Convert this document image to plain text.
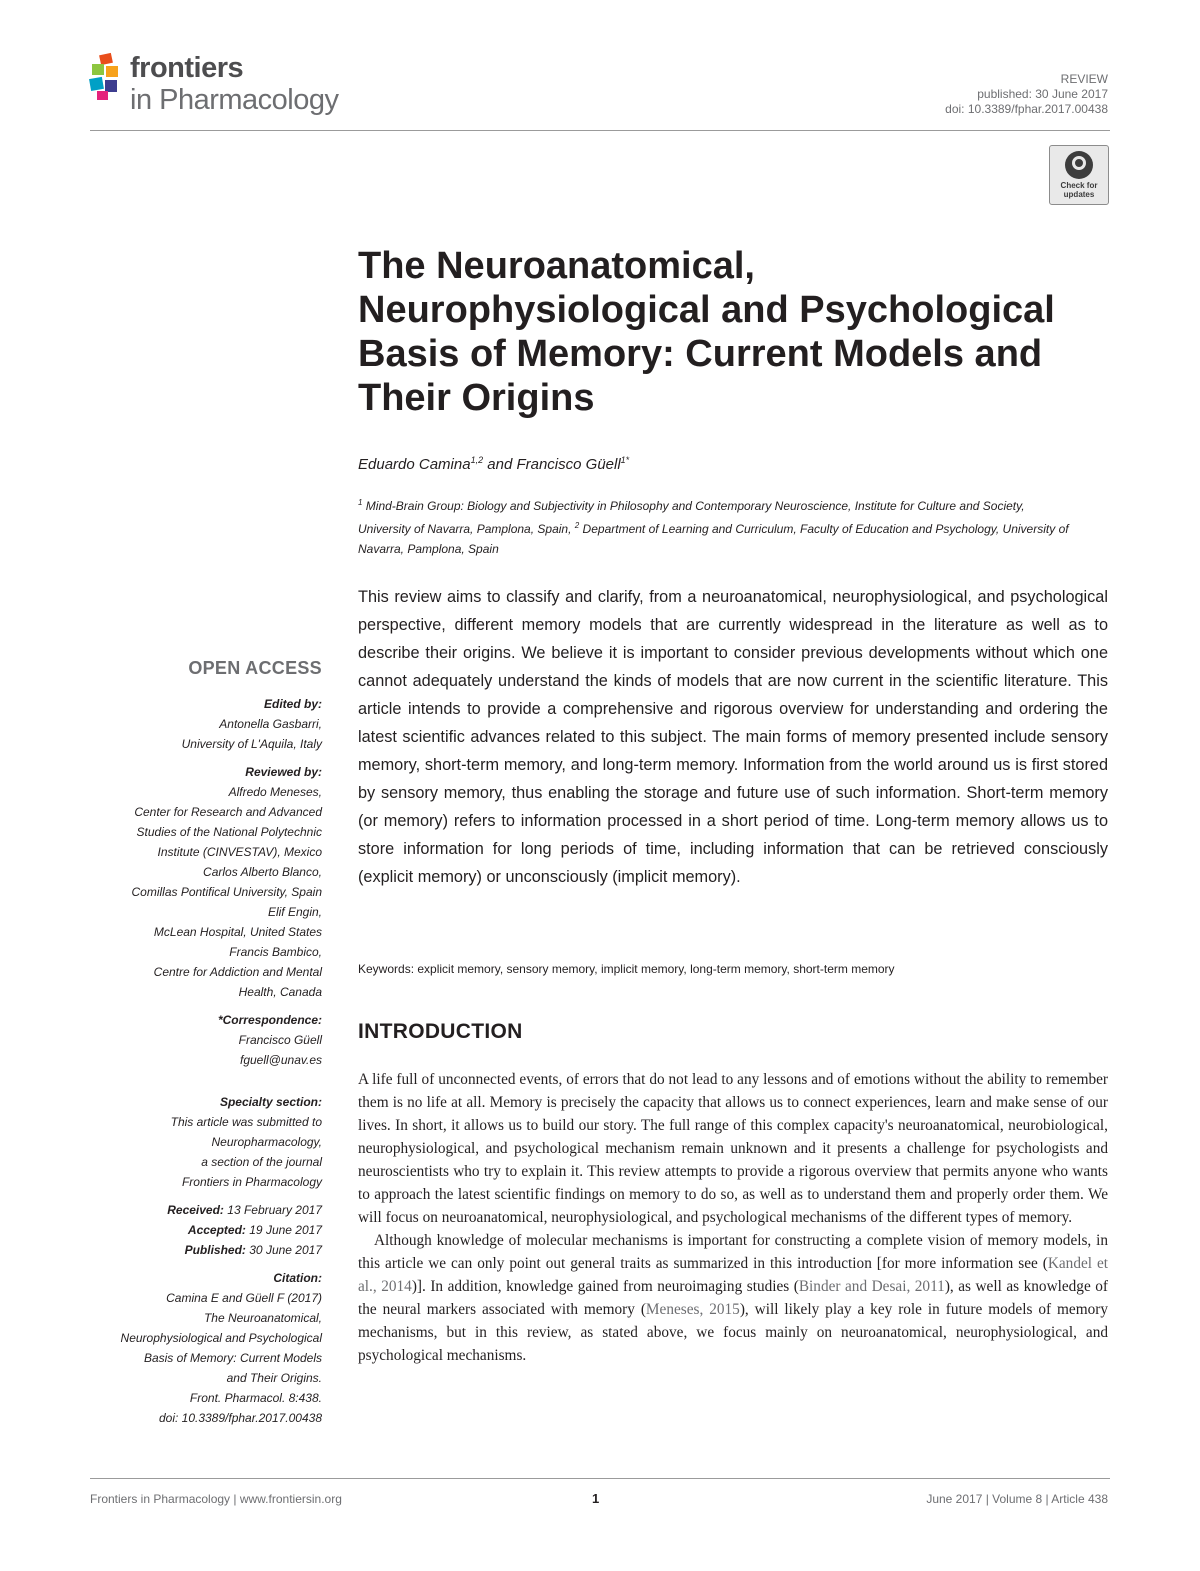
frontiers
in Pharmacology
REVIEW
published: 30 June 2017
doi: 10.3389/fphar.2017.00438
Check for
updates
The Neuroanatomical, Neurophysiological and Psychological Basis of Memory: Current Models and Their Origins
Eduardo Camina$^{1,2}$ and Francisco Güell$^{1*}$
$^1$ Mind-Brain Group: Biology and Subjectivity in Philosophy and Contemporary Neuroscience, Institute for Culture and Society, University of Navarra, Pamplona, Spain, $^2$ Department of Learning and Curriculum, Faculty of Education and Psychology, University of Navarra, Pamplona, Spain
This review aims to classify and clarify, from a neuroanatomical, neurophysiological, and psychological perspective, different memory models that are currently widespread in the literature as well as to describe their origins. We believe it is important to consider previous developments without which one cannot adequately understand the kinds of models that are now current in the scientific literature. This article intends to provide a comprehensive and rigorous overview for understanding and ordering the latest scientific advances related to this subject. The main forms of memory presented include sensory memory, short-term memory, and long-term memory. Information from the world around us is first stored by sensory memory, thus enabling the storage and future use of such information. Short-term memory (or memory) refers to information processed in a short period of time. Long-term memory allows us to store information for long periods of time, including information that can be retrieved consciously (explicit memory) or unconsciously (implicit memory).
Keywords: explicit memory, sensory memory, implicit memory, long-term memory, short-term memory
INTRODUCTION

A life full of unconnected events, of errors that do not lead to any lessons and of emotions without the ability to remember them is no life at all. Memory is precisely the capacity that allows us to connect experiences, learn and make sense of our lives. In short, it allows us to build our story. The full range of this complex capacity's neuroanatomical, neurobiological, neurophysiological, and psychological mechanism remain unknown and it presents a challenge for psychologists and neuroscientists who try to explain it. This review attempts to provide a rigorous overview that permits anyone who wants to approach the latest scientific findings on memory to do so, as well as to understand them and properly order them. We will focus on neuroanatomical, neurophysiological, and psychological mechanisms of the different types of memory.

Although knowledge of molecular mechanisms is important for constructing a complete vision of memory models, in this article we can only point out general traits as summarized in this introduction [for more information see (Kandel et al., 2014)]. In addition, knowledge gained from neuroimaging studies (Binder and Desai, 2011), as well as knowledge of the neural markers associated with memory (Meneses, 2015), will likely play a key role in future models of memory mechanisms, but in this review, as stated above, we focus mainly on neuroanatomical, neurophysiological, and psychological mechanisms.

OPEN ACCESS
Edited by:
Antonella Gasbarri,
University of L'Aquila, Italy
Reviewed by:
Alfredo Meneses,
Center for Research and Advanced
Studies of the National Polytechnic
Institute (CINVESTAV), Mexico
Carlos Alberto Blanco,
Comillas Pontifical University, Spain
Elif Engin,
McLean Hospital, United States
Francis Bambico,
Centre for Addiction and Mental
Health, Canada
*Correspondence:
Francisco Güell
fguell@unav.es
Specialty section:
This article was submitted to
Neuropharmacology,
a section of the journal
Frontiers in Pharmacology
Received: 13 February 2017
Accepted: 19 June 2017
Published: 30 June 2017
Citation:
Camina E and Güell F (2017)
The Neuroanatomical,
Neurophysiological and Psychological
Basis of Memory: Current Models
and Their Origins.
Front. Pharmacol. 8:438.
doi: 10.3389/fphar.2017.00438
Frontiers in Pharmacology | www.frontiersin.org	1	June 2017 | Volume 8 | Article 438
